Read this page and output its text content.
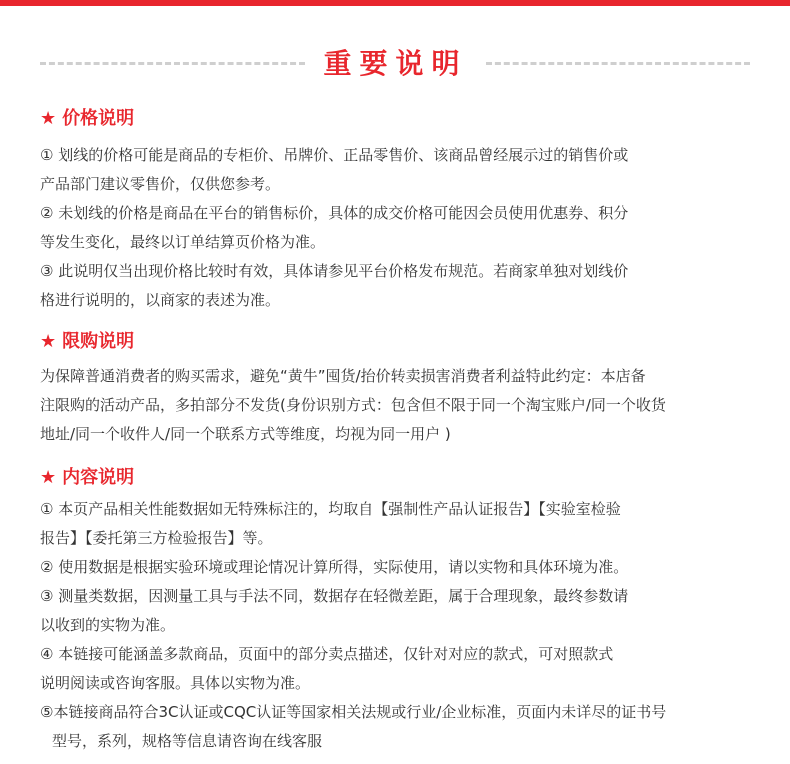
重要说明
★ 价格说明
① 划线的价格可能是商品的专柜价、吊牌价、正品零售价、该商品曾经展示过的销售价或
产品部门建议零售价，仅供您参考。
② 未划线的价格是商品在平台的销售标价，具体的成交价格可能因会员使用优惠券、积分
等发生变化，最终以订单结算页价格为准。
③ 此说明仅当出现价格比较时有效，具体请参见平台价格发布规范。若商家单独对划线价
格进行说明的，以商家的表述为准。
★ 限购说明
为保障普通消费者的购买需求，避免“黄牛”囤货/抬价转卖损害消费者利益特此约定：本店备
注限购的活动产品，多拍部分不发货(身份识别方式：包含但不限于同一个淘宝账户/同一个收货
地址/同一个收件人/同一个联系方式等维度，均视为同一用户 )
★ 内容说明
① 本页产品相关性能数据如无特殊标注的，均取自【强制性产品认证报告】【实验室检验
报告】【委托第三方检验报告】等。
② 使用数据是根据实验环境或理论情况计算所得，实际使用，请以实物和具体环境为准。
③ 测量类数据，因测量工具与手法不同，数据存在轻微差距，属于合理现象，最终参数请
以收到的实物为准。
④ 本链接可能涵盖多款商品，页面中的部分卖点描述，仅针对对应的款式，可对照款式
说明阅读或咨询客服。具体以实物为准。
⑤本链接商品符合3C认证或CQC认证等国家相关法规或行业/企业标准，页面内未详尽的证书号
型号，系列，规格等信息请咨询在线客服
